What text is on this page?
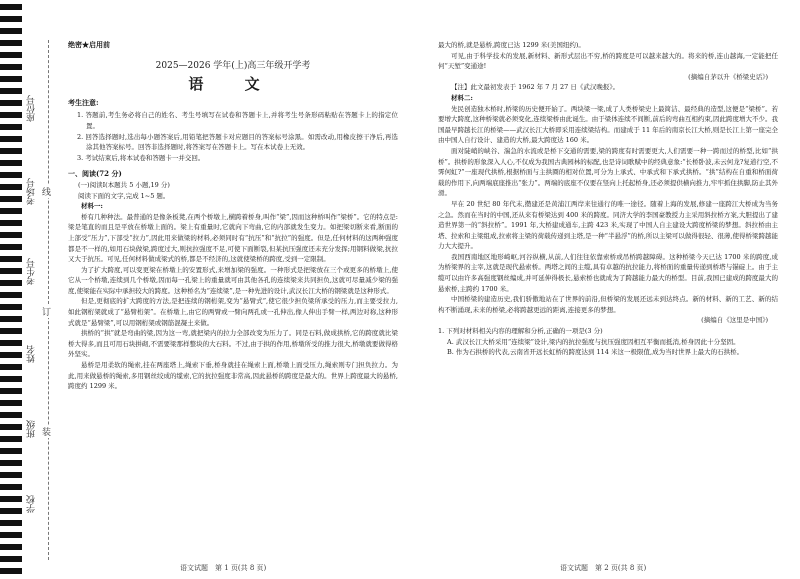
座位号
考场号
考生号
姓名
班级
学校
线
订
装
绝密★启用前
2025—2026 学年(上)高三年级开学考
语 文
考生注意:
1. 答题前,考生务必将自己的姓名、考生号填写在试卷和答题卡上,并将考生号条形码粘贴在答题卡上的指定位置。
2. 回答选择题时,选出每小题答案后,用铅笔把答题卡对应题目的答案标号涂黑。如需改动,用橡皮擦干净后,再选涂其他答案标号。回答非选择题时,将答案写在答题卡上。写在本试卷上无效。
3. 考试结束后,将本试卷和答题卡一并交回。
一、阅读(72 分)
(一)阅读Ⅰ(本题共 5 小题,19 分)
阅读下面的文字,完成 1~5 题。
材料一:

桥有几种种法。最普通的是像条板凳,在两个桥墩上,横跨着桥身,叫作“梁”,因而这种桥叫作“梁桥”。它的特点是:梁是笔直的而且是平放在桥墩上面的。梁上有重量时,它就向下弯曲,它的内部就发生变力。如把梁切断来看,断面的上部受“压力”,下部受“拉力”,因此用来做梁的材料,必须同时有“抗压”和“抗拉”的强度。但是,任何材料的这两种强度都是不一样的,如用石块做梁,跨度过大,则抗拉强度不足,可使下面断裂,但某抗压强度还未充分发挥;用钢料做梁,抗拉又大于抗压。可见,任何材料做成梁式的桥,都是不经济的,这就使梁桥的跨度,受到一定限制。

为了扩大跨度,可以变更梁在桥墩上的安置形式,来增加梁的强度。一种形式是把梁放在三个或更多的桥墩上,使它从一个桥墩,连续到几个桥墩,因而每一孔梁上的重量就可由其他各孔的连续梁来共同担负,这就可尽量减少梁的强度,使梁能在实际中承担较大的跨度。这种桥名为“连续梁”,是一种先进的设计,武汉长江大桥的钢梁就是这种形式。

但是,更彻底的扩大跨度的方法,是把连续的钢桁架,变为“悬臂式”,使它很少担负梁所承受的压力,而主要受拉力,如此钢桁架就成了“悬臂桁架”。在桥墩上,由它的两臂或一臂向两孔或一孔伸出,像人伸出手臂一样,两边对称,这种形式就是“悬臂梁”,可以用钢桁架或钢筋混凝土来做。

拱桥的“拱”就是弯曲的梁,因为这一弯,就把梁内的拉力全部改变为压力了。同是石料,做成拱桥,它的跨度就比梁桥大得多,而且可用石块拼砌,不需要梁那样整块的大石料。不过,由于拱的作用,桥墩所受的推力很大,桥墩就要做得格外坚实。

悬桥是用柔软的绳索,挂在两座塔上,绳索下垂,桥身就挂在绳索上面,桥墩上面受压力,绳索则专门担负拉力。为此,用来做悬桥的绳索,多用钢丝绞成的缆索,它的抗拉强度非常高,因此悬桥的跨度是最大的。世界上跨度最大的悬桥,跨度约 1299 米。

最大的桥,就是悬桥,跨度已达 1299 米(美国纽约)。

可见,由于科学技术的发展,新材料、新形式层出不穷,桥的跨度是可以越来越大的。将来的桥,连山越海,一定能把任何“天堑”变通途!

(摘编自茅以升《桥梁史话》)
【注】此文最初发表于 1962 年 7 月 27 日《武汉晚报》。
材料二:

先民创造独木桥时,桥梁的历史便开始了。两块梁一梁,成了人类桥梁史上最简洁、最经典的造型,这便是“梁桥”。若要增大跨度,这种桥梁就必须变化,连续梁桥由此诞生。由于梁体连续不间断,前后的弯曲互相约束,因此跨度增大不少。我国最早跨越长江的桥梁——武汉长江大桥即采用连续梁结构。而建成于 11 年后的南京长江大桥,则是长江上第一座完全由中国人自行设计、建造的大桥,最大跨度达 160 米。

面对陡峭的峡谷、湍急的水流或是桥下交通的需要,梁的跨度有时需要更大,人们需要一种一跨而过的桥型,比如“拱桥”。拱桥的形象深入人心,不仅成为我国古典园林的标配,也是诗词歌赋中的经典意象:“长桥卧波,未云何龙?复道行空,不霁何虹?”一座现代拱桥,根据桥面与主拱圈的相对位置,可分为上承式、中承式和下承式拱桥。“拱”结构在自重和桥面荷载的作用下,向两端底座推出“张力”。两端的底座不仅要在竖向上托起桥身,还必须提供横向推力,牢牢抓住拱脚,防止其外滑。

早在 20 世纪 80 年代末,攒建还是黄浦江两岸来往通行的唯一途径。随着上海的发展,修建一座跨江大桥成为当务之急。然而在当时的中国,还从来有桥梁达到 400 米的跨度。同济大学的李国豪教授力主采用斜拉桥方案,大胆提出了建造世界第一的“斜拉桥”。1991 年,大桥建成通车,主跨 423 米,实现了中国人自主建设大跨度桥梁的梦想。斜拉桥由主塔、拉索和主梁组成,拉索将主梁的荷载传递到主塔,是一种“半悬浮”的桥,所以主梁可以做得很轻、很薄,使得桥梁跨越能力大大提升。

我国西南地区地形崎岖,河谷纵横,从前,人们往往依靠索桥或吊桥跨越障碍。这种桥梁今天已达 1700 米的跨度,成为桥梁界的主宰,这就是现代悬索桥。两塔之间的主缆,具有卓越的抗拉能力,将桥面的重量传递到桥塔与锚碇上。由于主缆可以由许多高强度钢丝编成,并可延伸得极长,悬索桥也就成为了跨越能力最大的桥型。目前,我国已建成的跨度最大的悬索桥,主跨约 1700 米。

中国桥梁的建造历史,我们骄傲地站在了世界的前沿,但桥梁的发展还远未到达终点。新的材料、新的工艺、新的结构不断涌现,未来的桥梁,必将跨越更远的距离,连接更多的梦想。

(摘编自《这里是中国》)
1. 下列对材料相关内容的理解和分析,正确的一项是(3 分)
A. 武汉长江大桥采用“连续梁”设计,梁内的抗拉强度与抗压强度因相互平衡而抵消,桥身因此十分坚固。
B. 作为石拱桥的代表,云南省开远长虹桥的跨度达到 114 米这一极限值,成为当时世界上最大的石拱桥。
语文试题　第 1 页(共 8 页)	语文试题　第 2 页(共 8 页)
